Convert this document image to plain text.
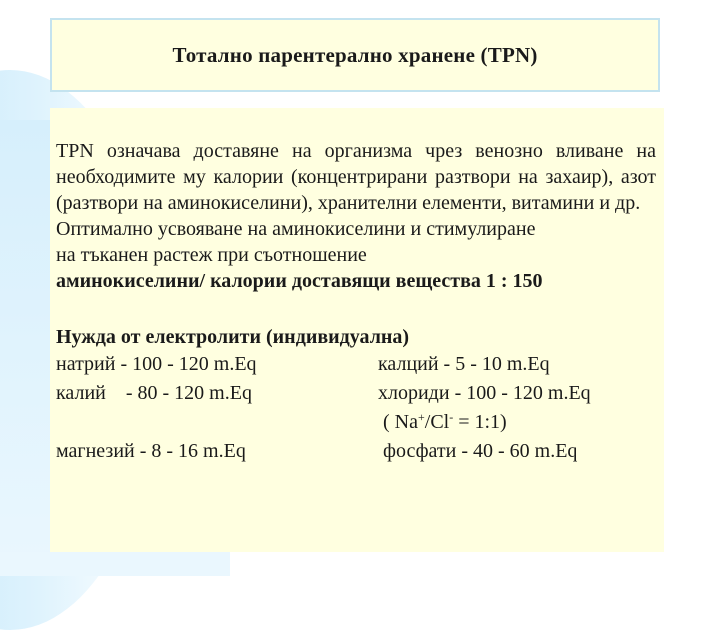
Тотално парентерално хранене (ТРN)

TPN означава доставяне на организма чрез венозно вливане на необходимите му калории (концентрирани разтвори на захаир), азот (разтвори на аминокиселини), хранителни елементи, витамини и др.

Оптимално усвояване на аминокиселини и стимулиране

на тъканен растеж при съотношение

аминокиселини/ калории доставящи вещества 1 : 150

Нужда от електролити (индивидуална)

натрий - 100 - 120 m.Eq	калций - 5 - 10 m.Eq
калий    - 80 - 120 m.Eq	хлориди - 100 - 120 m.Eq
( Na+/Cl- = 1:1)
магнезий - 8 - 16 m.Eq	фосфати - 40 - 60 m.Eq
